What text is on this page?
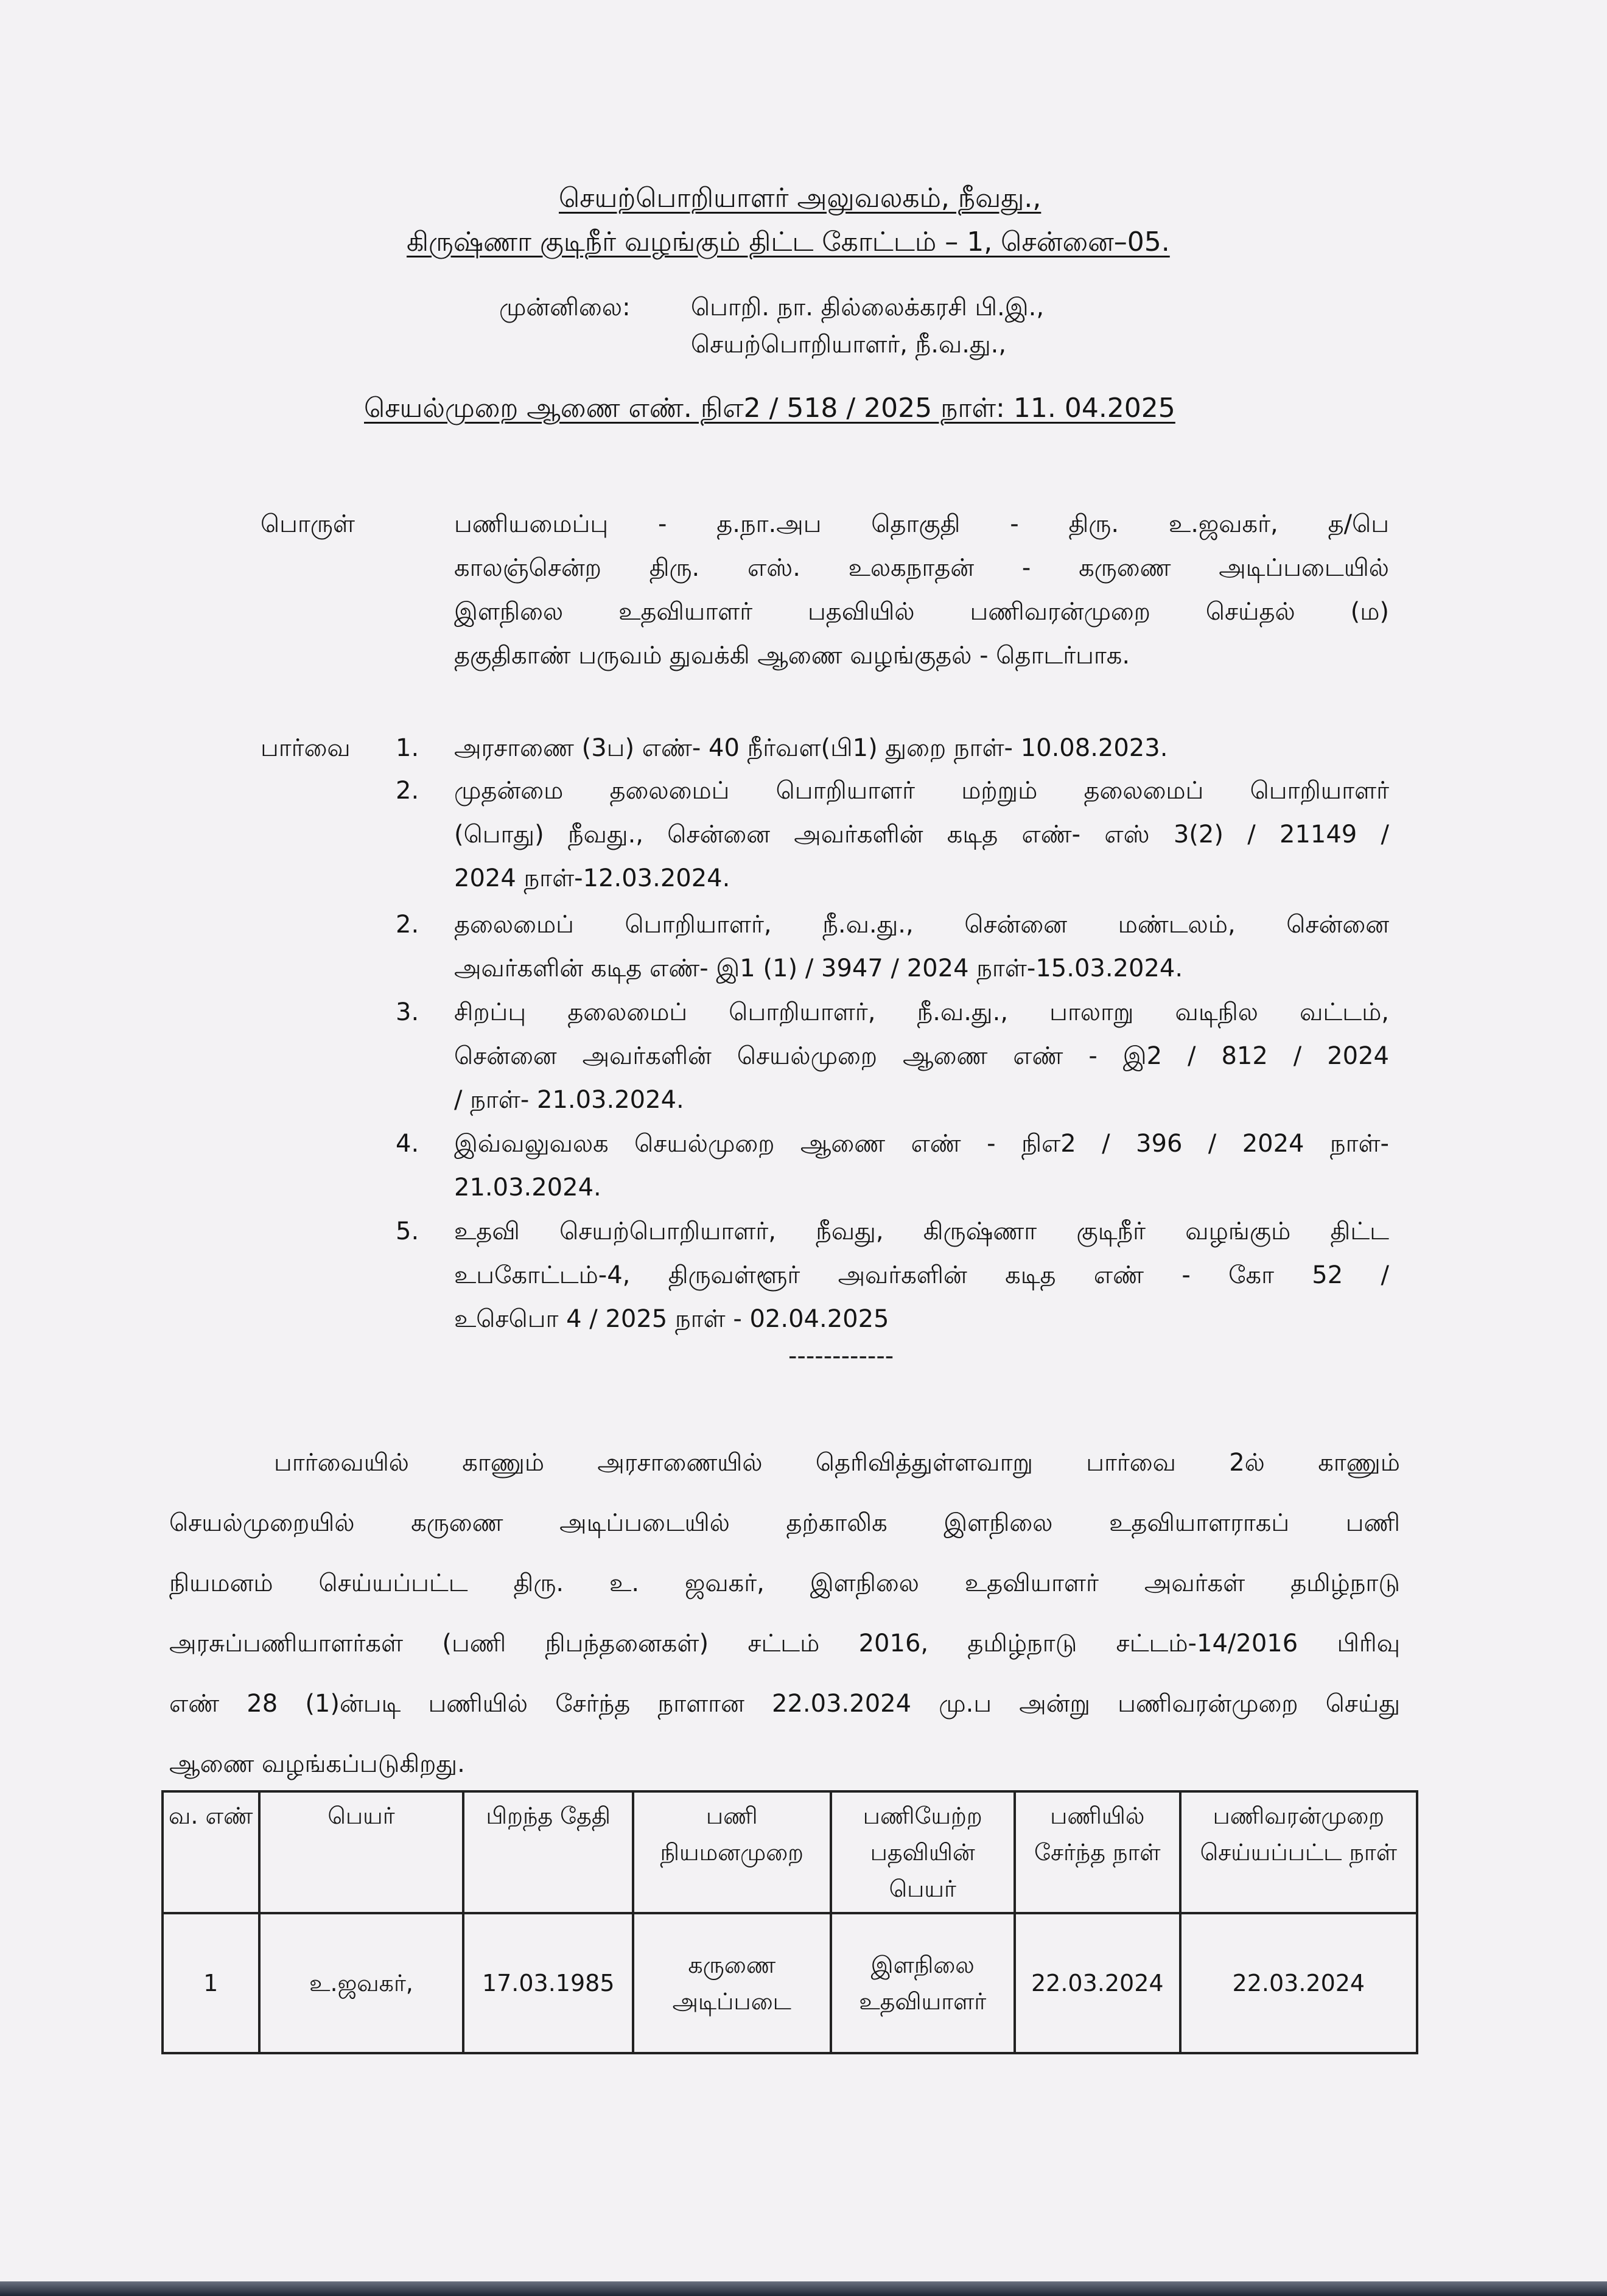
செயற்பொறியாளர் அலுவலகம், நீவது.,
கிருஷ்ணா குடிநீர் வழங்கும் திட்ட கோட்டம் – 1, சென்னை–05.
முன்னிலை: பொறி. நா. தில்லைக்கரசி பி.இ.,
செயற்பொறியாளர், நீ.வ.து.,
செயல்முறை ஆணை எண். நிஎ2 / 518 / 2025 நாள்: 11. 04.2025
பொருள்	பணியமைப்பு - த.நா.அப தொகுதி - திரு. உ.ஜவகர், த/பெ
காலஞ்சென்ற திரு. எஸ். உலகநாதன் - கருணை அடிப்படையில்
இளநிலை உதவியாளர் பதவியில் பணிவரன்முறை செய்தல் (ம)
தகுதிகாண் பருவம் துவக்கி ஆணை வழங்குதல் - தொடர்பாக.
பார்வை 1. அரசாணை (3ப) எண்- 40 நீர்வள(பி1) துறை நாள்- 10.08.2023.
2. முதன்மை தலைமைப் பொறியாளர் மற்றும் தலைமைப் பொறியாளர்
(பொது) நீவது., சென்னை அவர்களின் கடித எண்- எஸ் 3(2) / 21149 /
2024 நாள்-12.03.2024.
2. தலைமைப் பொறியாளர், நீ.வ.து., சென்னை மண்டலம், சென்னை
அவர்களின் கடித எண்- இ1 (1) / 3947 / 2024 நாள்-15.03.2024.
3. சிறப்பு தலைமைப் பொறியாளர், நீ.வ.து., பாலாறு வடிநில வட்டம்,
சென்னை அவர்களின் செயல்முறை ஆணை எண் - இ2 / 812 / 2024
/ நாள்- 21.03.2024.
4. இவ்வலுவலக செயல்முறை ஆணை எண் - நிஎ2 / 396 / 2024 நாள்-
21.03.2024.
5. உதவி செயற்பொறியாளர், நீவது, கிருஷ்ணா குடிநீர் வழங்கும் திட்ட
உபகோட்டம்-4, திருவள்ளூர் அவர்களின் கடித எண் - கோ 52 /
உசெபொ 4 / 2025 நாள் - 02.04.2025
------------
பார்வையில் காணும் அரசாணையில் தெரிவித்துள்ளவாறு பார்வை 2ல் காணும்
செயல்முறையில் கருணை அடிப்படையில் தற்காலிக இளநிலை உதவியாளராகப் பணி
நியமனம் செய்யப்பட்ட திரு. உ. ஜவகர், இளநிலை உதவியாளர் அவர்கள் தமிழ்நாடு
அரசுப்பணியாளர்கள் (பணி நிபந்தனைகள்) சட்டம் 2016, தமிழ்நாடு சட்டம்-14/2016 பிரிவு
எண் 28 (1)ன்படி பணியில் சேர்ந்த நாளான 22.03.2024 மு.ப அன்று பணிவரன்முறை செய்து
ஆணை வழங்கப்படுகிறது.
வ. எண்	பெயர்	பிறந்த தேதி	பணி நியமனமுறை	பணியேற்ற பதவியின் பெயர்	பணியில் சேர்ந்த நாள்	பணிவரன்முறை செய்யப்பட்ட நாள்
1	உ.ஜவகர்,	17.03.1985	கருணை அடிப்படை	இளநிலை உதவியாளர்	22.03.2024	22.03.2024
